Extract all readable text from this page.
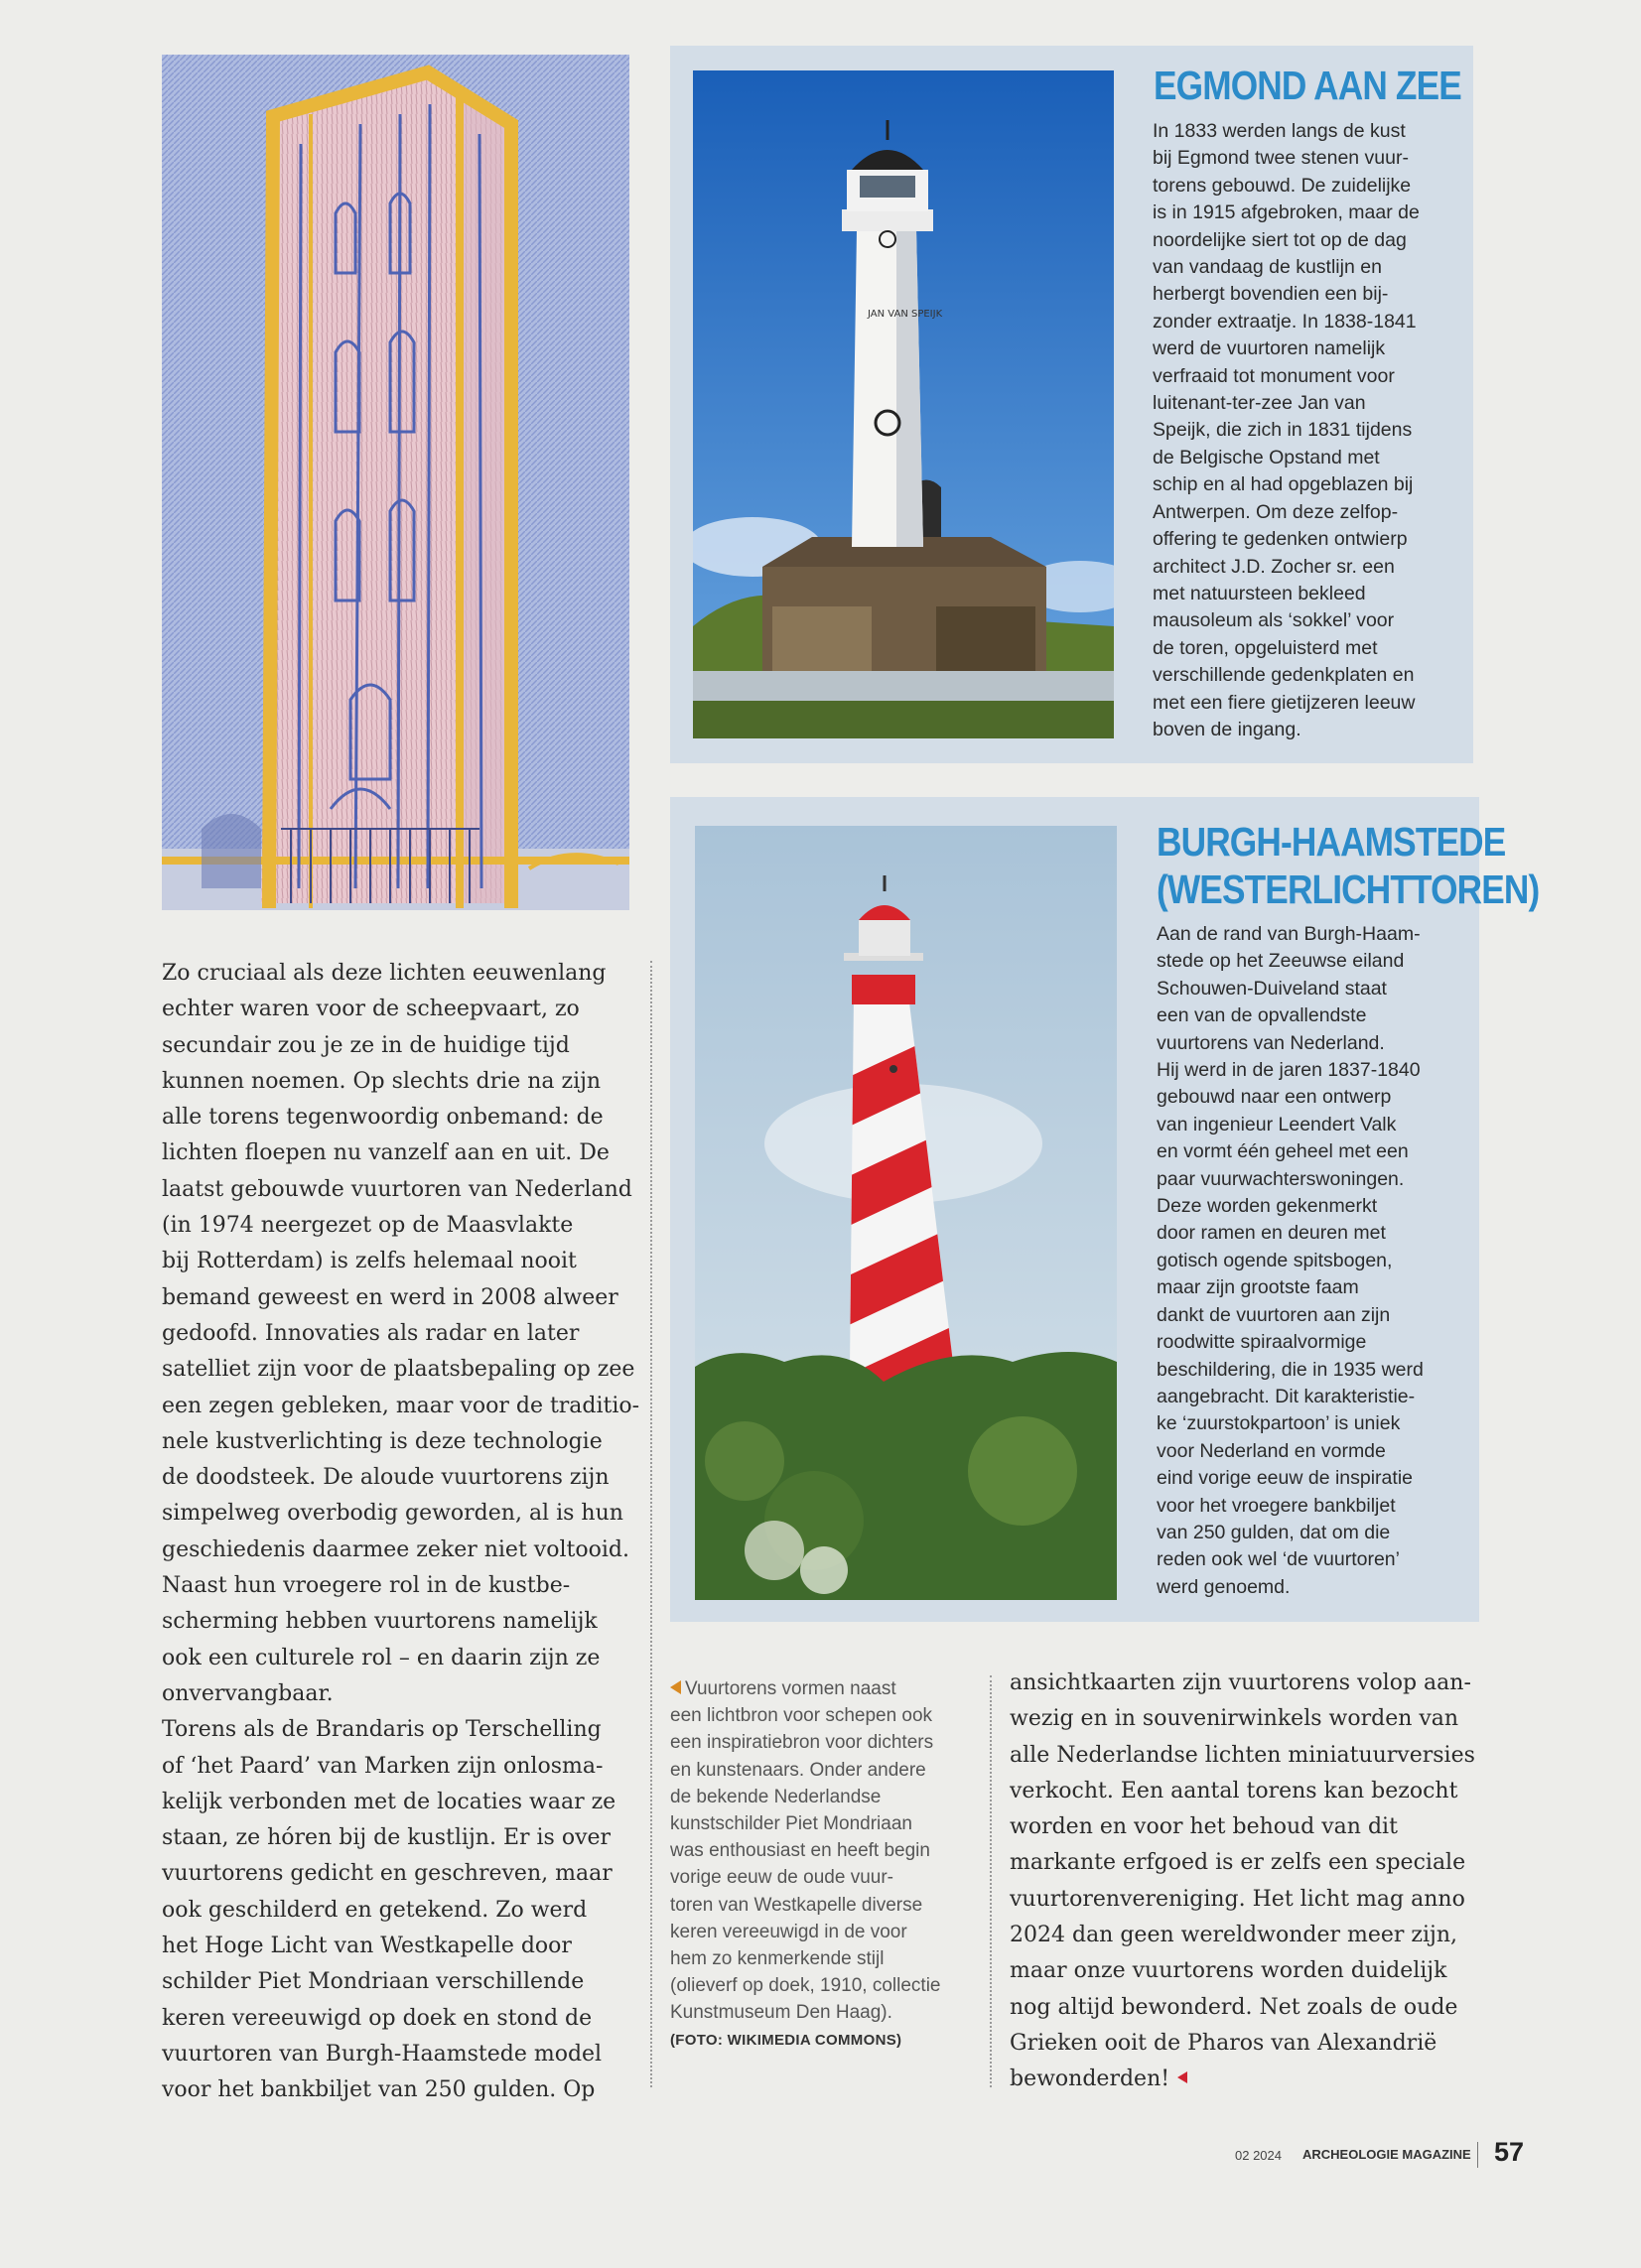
JAN VAN SPEIJK
EGMOND AAN ZEE
In 1833 werden langs de kust
bij Egmond twee stenen vuur-
torens gebouwd. De zuidelijke
is in 1915 afgebroken, maar de
noordelijke siert tot op de dag
van vandaag de kustlijn en
herbergt bovendien een bij-
zonder extraatje. In 1838-1841
werd de vuurtoren namelijk
verfraaid tot monument voor
luitenant-ter-zee Jan van
Speijk, die zich in 1831 tijdens
de Belgische Opstand met
schip en al had opgeblazen bij
Antwerpen. Om deze zelfop-
offering te gedenken ontwierp
architect J.D. Zocher sr. een
met natuursteen bekleed
mausoleum als ‘sokkel’ voor
de toren, opgeluisterd met
verschillende gedenkplaten en
met een fiere gietijzeren leeuw
boven de ingang.
BURGH-HAAMSTEDE
(WESTERLICHTTOREN)
Aan de rand van Burgh-Haam-
stede op het Zeeuwse eiland
Schouwen-Duiveland staat
een van de opvallendste
vuurtorens van Nederland.
Hij werd in de jaren 1837-1840
gebouwd naar een ontwerp
van ingenieur Leendert Valk
en vormt één geheel met een
paar vuurwachterswoningen.
Deze worden gekenmerkt
door ramen en deuren met
gotisch ogende spitsbogen,
maar zijn grootste faam
dankt de vuurtoren aan zijn
roodwitte spiraalvormige
beschildering, die in 1935 werd
aangebracht. Dit karakteristie-
ke ‘zuurstokpartoon’ is uniek
voor Nederland en vormde
eind vorige eeuw de inspiratie
voor het vroegere bankbiljet
van 250 gulden, dat om die
reden ook wel ‘de vuurtoren’
werd genoemd.
Zo cruciaal als deze lichten eeuwenlang
echter waren voor de scheepvaart, zo
secundair zou je ze in de huidige tijd
kunnen noemen. Op slechts drie na zijn
alle torens tegenwoordig onbemand: de
lichten floepen nu vanzelf aan en uit. De
laatst gebouwde vuurtoren van Nederland
(in 1974 neergezet op de Maasvlakte
bij Rotterdam) is zelfs helemaal nooit
bemand geweest en werd in 2008 alweer
gedoofd. Innovaties als radar en later
satelliet zijn voor de plaatsbepaling op zee
een zegen gebleken, maar voor de traditio-
nele kustverlichting is deze technologie
de doodsteek. De aloude vuurtorens zijn
simpelweg overbodig geworden, al is hun
geschiedenis daarmee zeker niet voltooid.
Naast hun vroegere rol in de kustbe-
scherming hebben vuurtorens namelijk
ook een culturele rol – en daarin zijn ze
onvervangbaar.
Torens als de Brandaris op Terschelling
of ‘het Paard’ van Marken zijn onlosma-
kelijk verbonden met de locaties waar ze
staan, ze hóren bij de kustlijn. Er is over
vuurtorens gedicht en geschreven, maar
ook geschilderd en getekend. Zo werd
het Hoge Licht van Westkapelle door
schilder Piet Mondriaan verschillende
keren vereeuwigd op doek en stond de
vuurtoren van Burgh-Haamstede model
voor het bankbiljet van 250 gulden. Op
Vuurtorens vormen naast
een lichtbron voor schepen ook
een inspiratiebron voor dichters
en kunstenaars. Onder andere
de bekende Nederlandse
kunstschilder Piet Mondriaan
was enthousiast en heeft begin
vorige eeuw de oude vuur-
toren van Westkapelle diverse
keren vereeuwigd in de voor
hem zo kenmerkende stijl
(olieverf op doek, 1910, collectie
Kunstmuseum Den Haag).
(FOTO: WIKIMEDIA COMMONS)
ansichtkaarten zijn vuurtorens volop aan-
wezig en in souvenirwinkels worden van
alle Nederlandse lichten miniatuurversies
verkocht. Een aantal torens kan bezocht
worden en voor het behoud van dit
markante erfgoed is er zelfs een speciale
vuurtorenvereniging. Het licht mag anno
2024 dan geen wereldwonder meer zijn,
maar onze vuurtorens worden duidelijk
nog altijd bewonderd. Net zoals de oude
Grieken ooit de Pharos van Alexandrië
bewonderden!
02 2024 ARCHEOLOGIE MAGAZINE 57
